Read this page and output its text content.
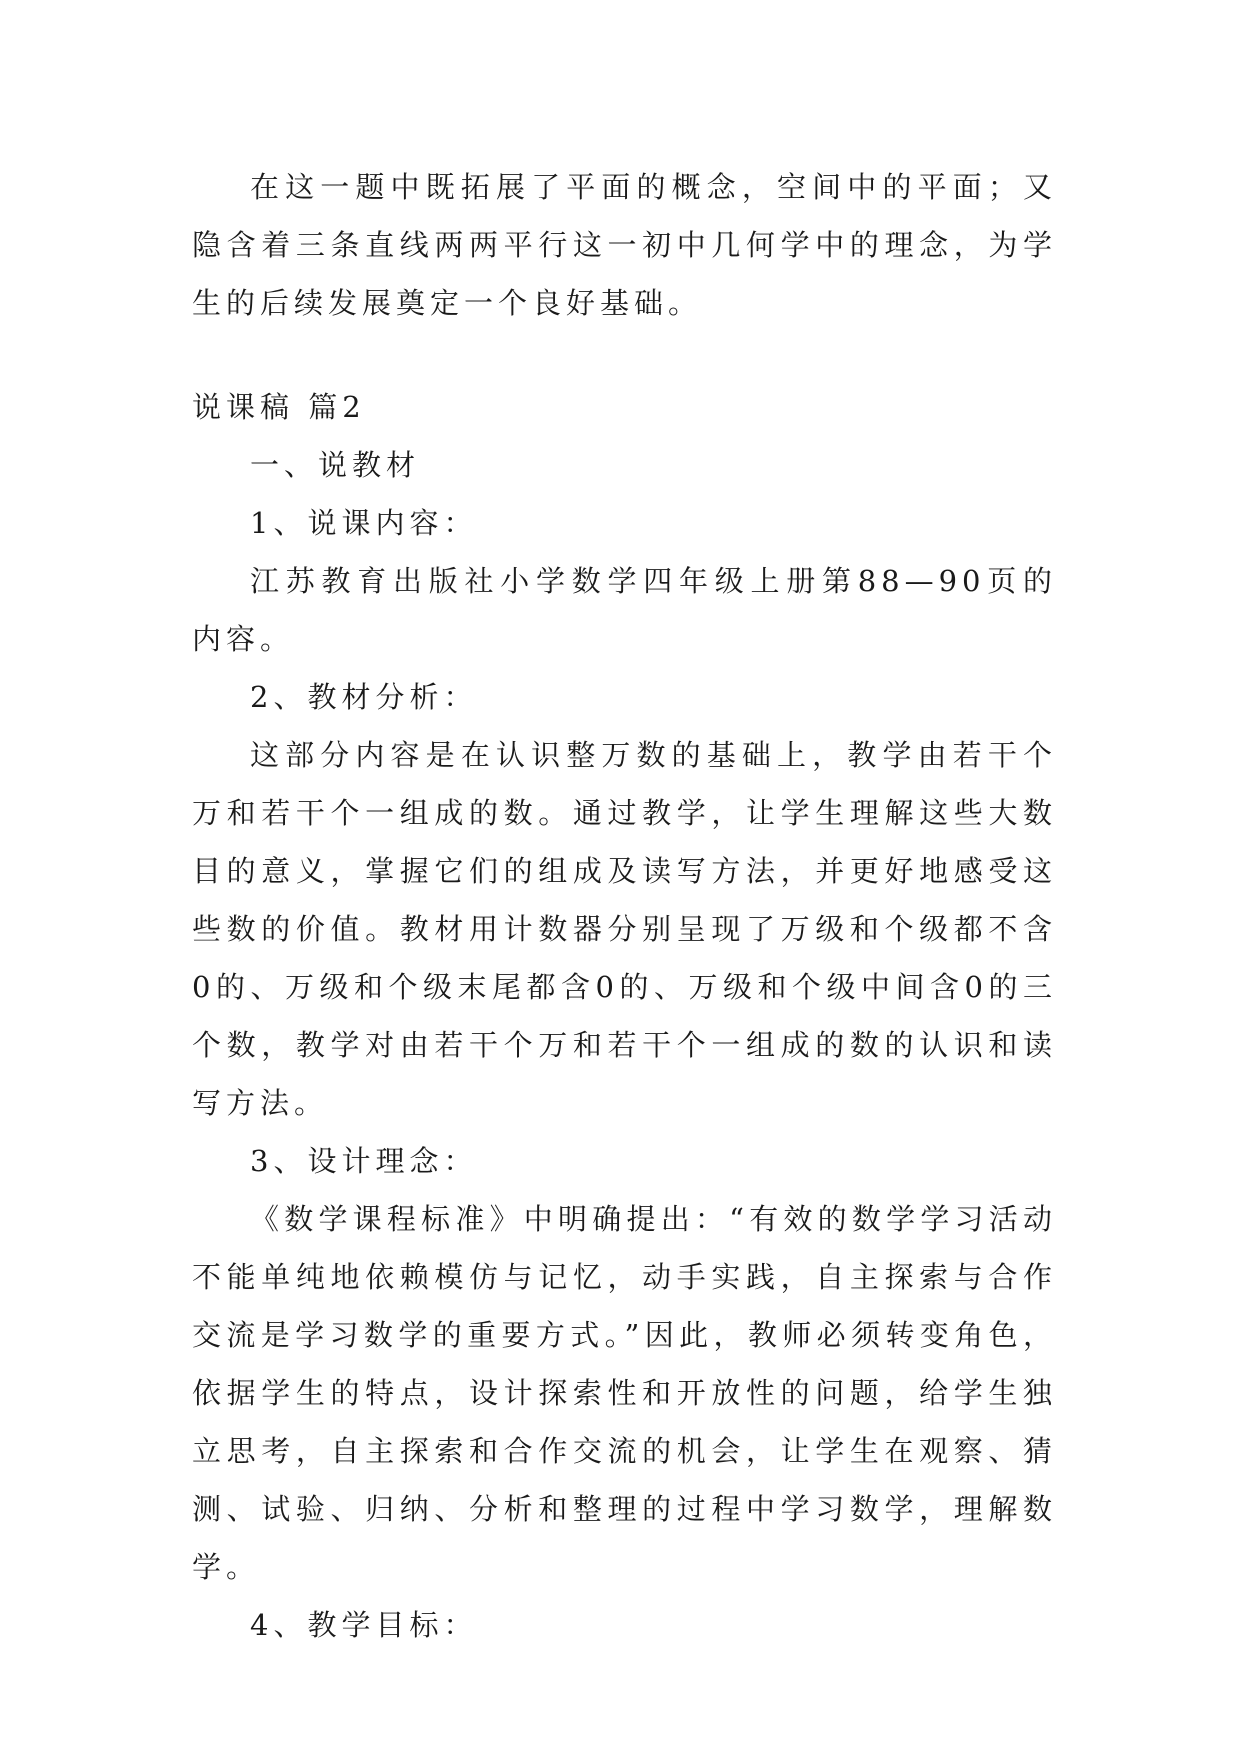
在这一题中既拓展了平面的概念，空间中的平面；又隐含着三条直线两两平行这一初中几何学中的理念，为学生的后续发展奠定一个良好基础。

说课稿 篇2

一、说教材

1、说课内容：

江苏教育出版社小学数学四年级上册第88—90页的内容。

2、教材分析：

这部分内容是在认识整万数的基础上，教学由若干个万和若干个一组成的数。通过教学，让学生理解这些大数目的意义，掌握它们的组成及读写方法，并更好地感受这些数的价值。教材用计数器分别呈现了万级和个级都不含0的、万级和个级末尾都含0的、万级和个级中间含0的三个数，教学对由若干个万和若干个一组成的数的认识和读写方法。

3、设计理念：

《数学课程标准》中明确提出：“有效的数学学习活动不能单纯地依赖模仿与记忆，动手实践，自主探索与合作交流是学习数学的重要方式。”因此，教师必须转变角色，依据学生的特点，设计探索性和开放性的问题，给学生独立思考，自主探索和合作交流的机会，让学生在观察、猜测、试验、归纳、分析和整理的过程中学习数学，理解数学。

4、教学目标：
